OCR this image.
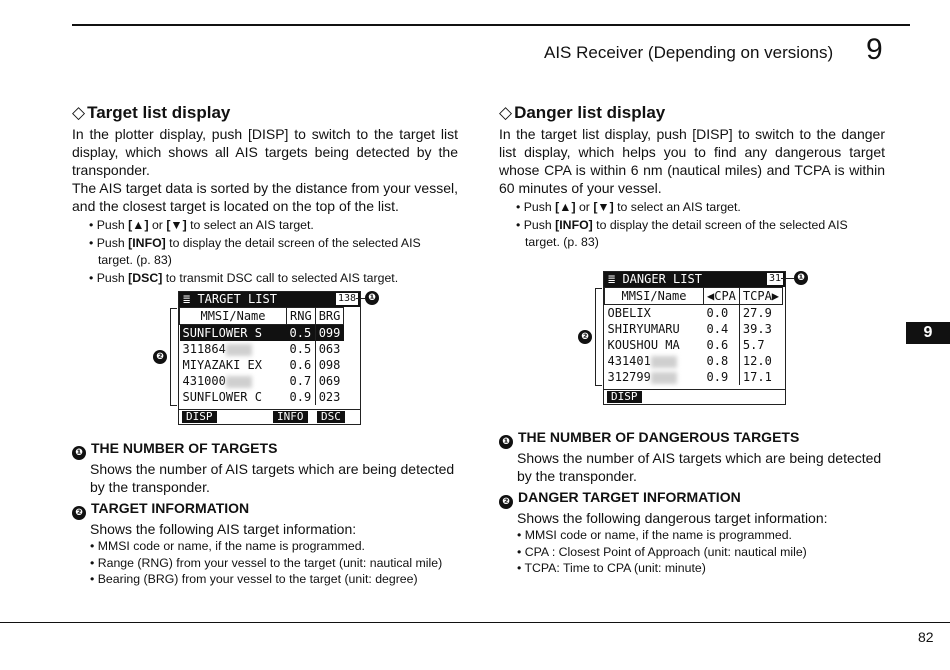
AIS Receiver (Depending on versions) 9
9
82

◇ Target list display

In the plotter display, push [DISP] to switch to the target list display, which shows all AIS targets being detected by the transponder.

The AIS target data is sorted by the distance from your vessel, and the closest target is located on the top of the list.

• Push [▲] or [▼] to select an AIS target.
• Push [INFO] to display the detail screen of the selected AIS target. (p. 83)
• Push [DSC] to transmit DSC call to selected AIS target.
≣ TARGET LIST	138
MMSI/Name	RNG	BRG
SUNFLOWER S	0.5	099
311864	0.5	063
MIYAZAKI EX	0.6	098
431000	0.7	069
SUNFLOWER C	0.9	023
DISP	INFO	DSC
❶
❷

❶ THE NUMBER OF TARGETS

Shows the number of AIS targets which are being detected by the transponder.

❷ TARGET INFORMATION

Shows the following AIS target information:

• MMSI code or name, if the name is programmed.
• Range (RNG) from your vessel to the target (unit: nautical mile)
• Bearing (BRG) from your vessel to the target (unit: degree)

◇ Danger list display

In the target list display, push [DISP] to switch to the danger list display, which helps you to find any dangerous target whose CPA is within 6 nm (nautical miles) and TCPA is within 60 minutes of your vessel.

• Push [▲] or [▼] to select an AIS target.
• Push [INFO] to display the detail screen of the selected AIS target. (p. 83)
≣ DANGER LIST	31
MMSI/Name	◀CPA	TCPA▶
OBELIX	0.0	27.9
SHIRYUMARU	0.4	39.3
KOUSHOU MA	0.6	5.7
431401	0.8	12.0
312799	0.9	17.1
DISP
❶
❷

❶ THE NUMBER OF DANGEROUS TARGETS

Shows the number of AIS targets which are being detected by the transponder.

❷ DANGER TARGET INFORMATION

Shows the following dangerous target information:

• MMSI code or name, if the name is programmed.
• CPA : Closest Point of Approach (unit: nautical mile)
• TCPA: Time to CPA (unit: minute)
